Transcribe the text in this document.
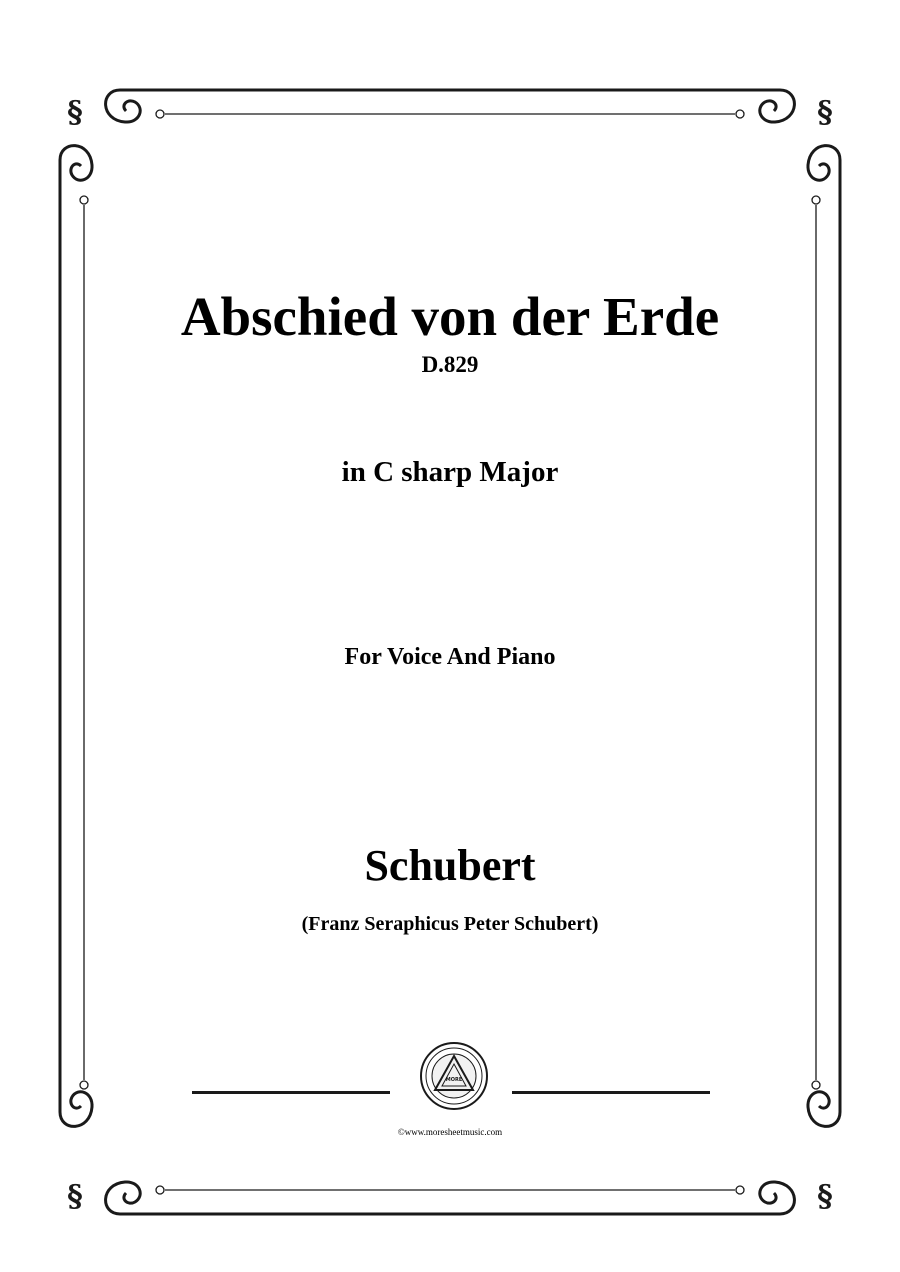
§	§
§	§
Abschied von der Erde
D.829
in C sharp Major
For Voice And Piano
Schubert
(Franz Seraphicus Peter Schubert)
MORE
©www.moresheetmusic.com
